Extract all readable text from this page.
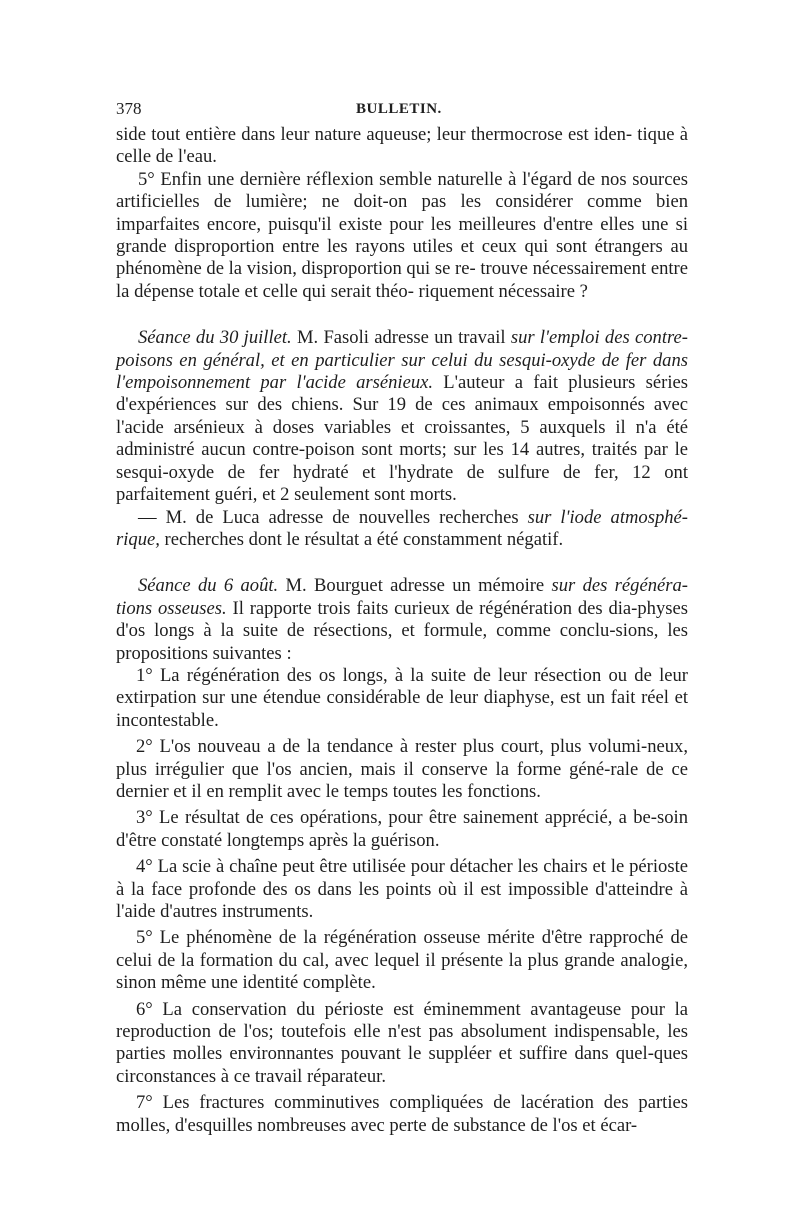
378	BULLETIN.

side tout entière dans leur nature aqueuse; leur thermocrose est iden- tique à celle de l'eau.

5° Enfin une dernière réflexion semble naturelle à l'égard de nos sources artificielles de lumière; ne doit-on pas les considérer comme bien imparfaites encore, puisqu'il existe pour les meilleures d'entre elles une si grande disproportion entre les rayons utiles et ceux qui sont étrangers au phénomène de la vision, disproportion qui se re- trouve nécessairement entre la dépense totale et celle qui serait théo- riquement nécessaire ?

Séance du 30 juillet. M. Fasoli adresse un travail sur l'emploi des contre-poisons en général, et en particulier sur celui du sesqui-oxyde de fer dans l'empoisonnement par l'acide arsénieux. L'auteur a fait plusieurs séries d'expériences sur des chiens. Sur 19 de ces animaux empoisonnés avec l'acide arsénieux à doses variables et croissantes, 5 auxquels il n'a été administré aucun contre-poison sont morts; sur les 14 autres, traités par le sesqui-oxyde de fer hydraté et l'hydrate de sulfure de fer, 12 ont parfaitement guéri, et 2 seulement sont morts.

— M. de Luca adresse de nouvelles recherches sur l'iode atmosphé-rique, recherches dont le résultat a été constamment négatif.

Séance du 6 août. M. Bourguet adresse un mémoire sur des régénéra-tions osseuses. Il rapporte trois faits curieux de régénération des dia-physes d'os longs à la suite de résections, et formule, comme conclu-sions, les propositions suivantes :

1° La régénération des os longs, à la suite de leur résection ou de leur extirpation sur une étendue considérable de leur diaphyse, est un fait réel et incontestable.

2° L'os nouveau a de la tendance à rester plus court, plus volumi-neux, plus irrégulier que l'os ancien, mais il conserve la forme géné-rale de ce dernier et il en remplit avec le temps toutes les fonctions.

3° Le résultat de ces opérations, pour être sainement apprécié, a be-soin d'être constaté longtemps après la guérison.

4° La scie à chaîne peut être utilisée pour détacher les chairs et le périoste à la face profonde des os dans les points où il est impossible d'atteindre à l'aide d'autres instruments.

5° Le phénomène de la régénération osseuse mérite d'être rapproché de celui de la formation du cal, avec lequel il présente la plus grande analogie, sinon même une identité complète.

6° La conservation du périoste est éminemment avantageuse pour la reproduction de l'os; toutefois elle n'est pas absolument indispensable, les parties molles environnantes pouvant le suppléer et suffire dans quel-ques circonstances à ce travail réparateur.

7° Les fractures comminutives compliquées de lacération des parties molles, d'esquilles nombreuses avec perte de substance de l'os et écar-
